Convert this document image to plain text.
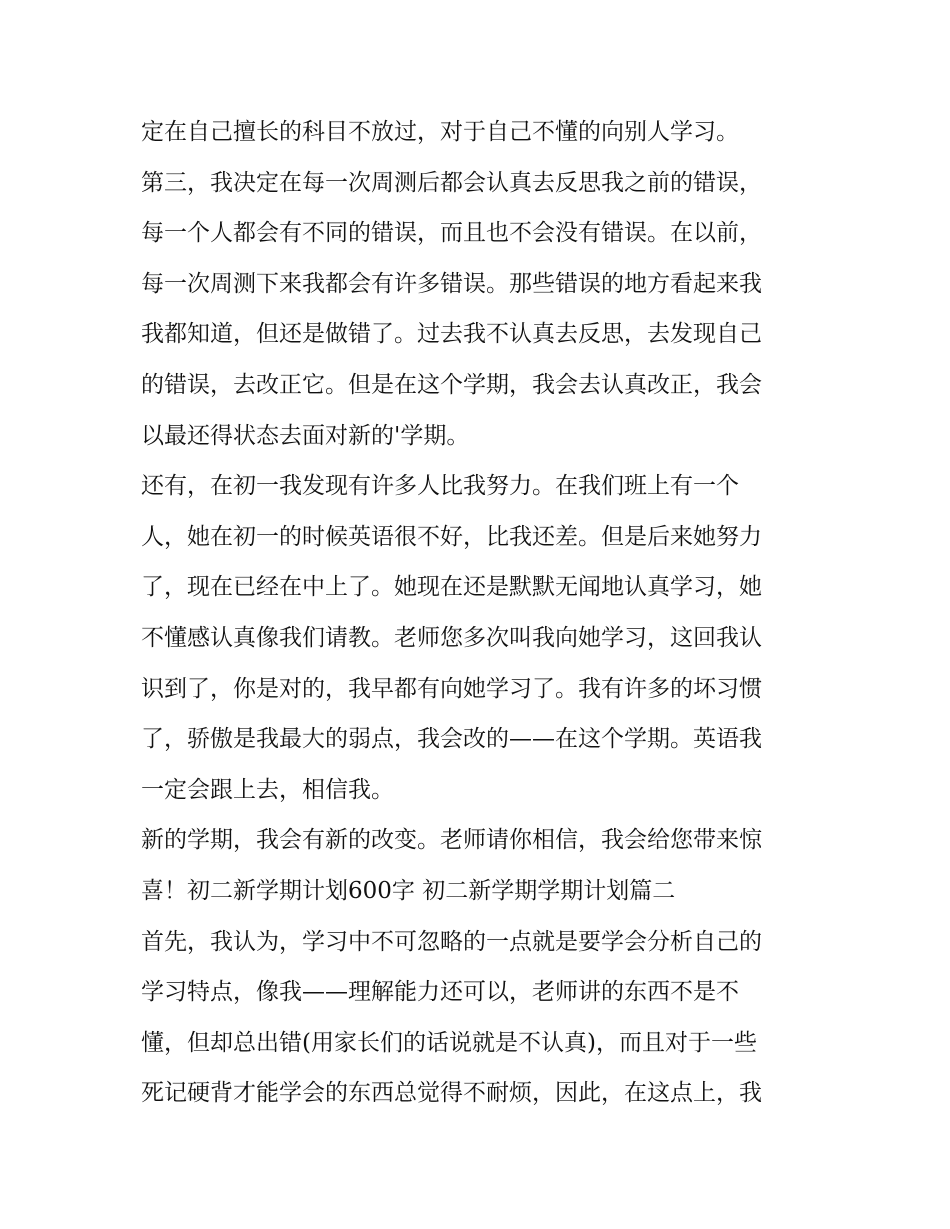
定在自己擅长的科目不放过，对于自己不懂的向别人学习。
第三，我决定在每一次周测后都会认真去反思我之前的错误，
每一个人都会有不同的错误，而且也不会没有错误。在以前，
每一次周测下来我都会有许多错误。那些错误的地方看起来我
我都知道，但还是做错了。过去我不认真去反思，去发现自己
的错误，去改正它。但是在这个学期，我会去认真改正，我会
以最还得状态去面对新的'学期。
还有，在初一我发现有许多人比我努力。在我们班上有一个
人，她在初一的时候英语很不好，比我还差。但是后来她努力
了，现在已经在中上了。她现在还是默默无闻地认真学习，她
不懂感认真像我们请教。老师您多次叫我向她学习，这回我认
识到了，你是对的，我早都有向她学习了。我有许多的坏习惯
了，骄傲是我最大的弱点，我会改的——在这个学期。英语我
一定会跟上去，相信我。
新的学期，我会有新的改变。老师请你相信，我会给您带来惊
喜！初二新学期计划600字 初二新学期学期计划篇二
首先，我认为，学习中不可忽略的一点就是要学会分析自己的
学习特点，像我——理解能力还可以，老师讲的东西不是不
懂，但却总出错(用家长们的话说就是不认真)，而且对于一些
死记硬背才能学会的东西总觉得不耐烦，因此，在这点上，我
